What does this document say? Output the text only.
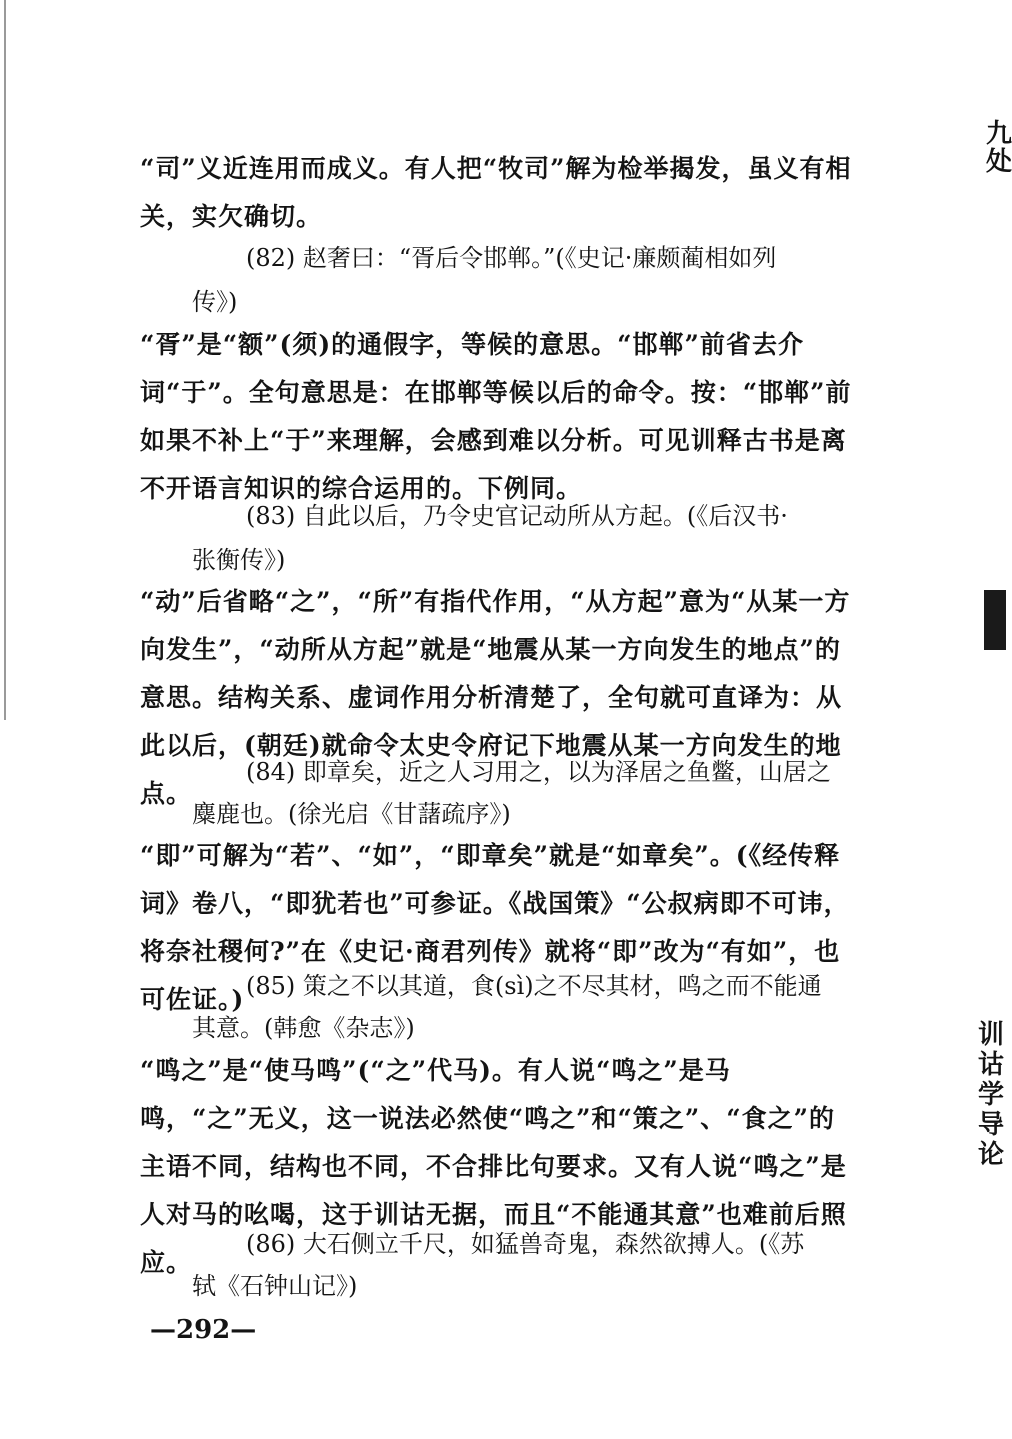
九处
训
诂
学
导
论

“司”义近连用而成义。有人把“牧司”解为检举揭发，虽义有相关，实欠确切。

(82) 赵奢曰：“胥后令邯郸。”(《史记·廉颇蔺相如列

传》)

“胥”是“额”(须)的通假字，等候的意思。“邯郸”前省去介词“于”。全句意思是：在邯郸等候以后的命令。按：“邯郸”前如果不补上“于”来理解，会感到难以分析。可见训释古书是离不开语言知识的综合运用的。下例同。

(83) 自此以后，乃令史官记动所从方起。(《后汉书·

张衡传》)

“动”后省略“之”，“所”有指代作用，“从方起”意为“从某一方向发生”，“动所从方起”就是“地震从某一方向发生的地点”的意思。结构关系、虚词作用分析清楚了，全句就可直译为：从此以后，(朝廷)就命令太史令府记下地震从某一方向发生的地点。

(84) 即章矣，近之人习用之，以为泽居之鱼鳖，山居之

麋鹿也。(徐光启《甘藷疏序》)

“即”可解为“若”、“如”，“即章矣”就是“如章矣”。(《经传释词》卷八，“即犹若也”可参证。《战国策》“公叔病即不可讳，将奈社稷何?”在《史记·商君列传》就将“即”改为“有如”，也可佐证。) (85) 策之不以其道，食(sì)之不尽其材，鸣之而不能通

其意。(韩愈《杂志》)

“鸣之”是“使马鸣”(“之”代马)。有人说“鸣之”是马鸣，“之”无义，这一说法必然使“鸣之”和“策之”、“食之”的主语不同，结构也不同，不合排比句要求。又有人说“鸣之”是人对马的吆喝，这于训诂无据，而且“不能通其意”也难前后照应。

(86) 大石侧立千尺，如猛兽奇鬼，森然欲搏人。(《苏

轼《石钟山记》)

—292—
